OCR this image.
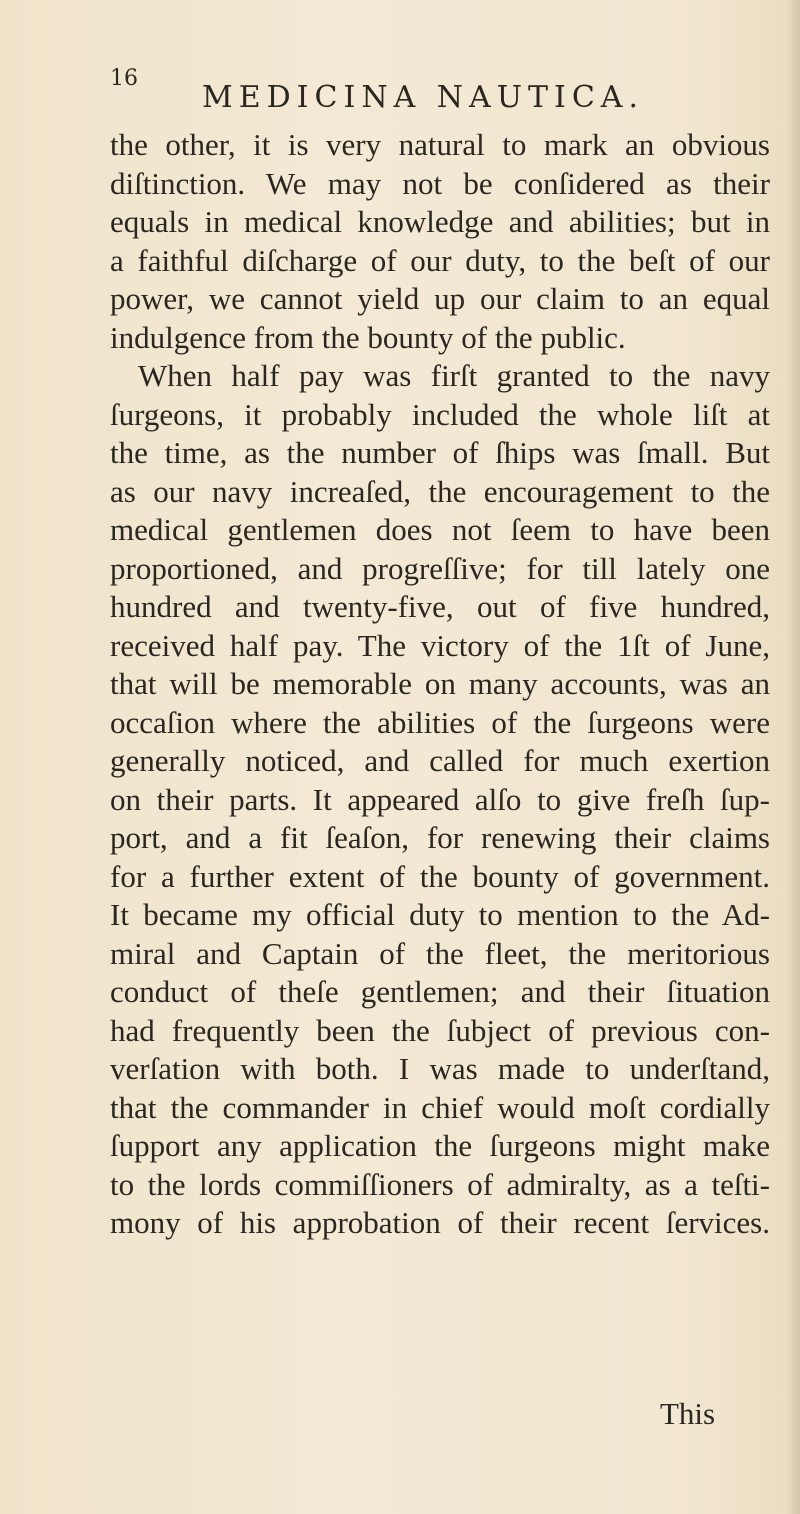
16
MEDICINA NAUTICA.
the other, it is very natural to mark an obvious
diſtinction. We may not be conſidered as their
equals in medical knowledge and abilities; but in
a faithful diſcharge of our duty, to the beſt of our
power, we cannot yield up our claim to an equal
indulgence from the bounty of the public.
When half pay was firſt granted to the navy
ſurgeons, it probably included the whole liſt at
the time, as the number of ſhips was ſmall. But
as our navy increaſed, the encouragement to the
medical gentlemen does not ſeem to have been
proportioned, and progreſſive; for till lately one
hundred and twenty-five, out of five hundred,
received half pay. The victory of the 1ſt of June,
that will be memorable on many accounts, was an
occaſion where the abilities of the ſurgeons were
generally noticed, and called for much exertion
on their parts. It appeared alſo to give freſh ſup-
port, and a fit ſeaſon, for renewing their claims
for a further extent of the bounty of government.
It became my official duty to mention to the Ad-
miral and Captain of the fleet, the meritorious
conduct of theſe gentlemen; and their ſituation
had frequently been the ſubject of previous con-
verſation with both. I was made to underſtand,
that the commander in chief would moſt cordially
ſupport any application the ſurgeons might make
to the lords commiſſioners of admiralty, as a teſti-
mony of his approbation of their recent ſervices.
This
